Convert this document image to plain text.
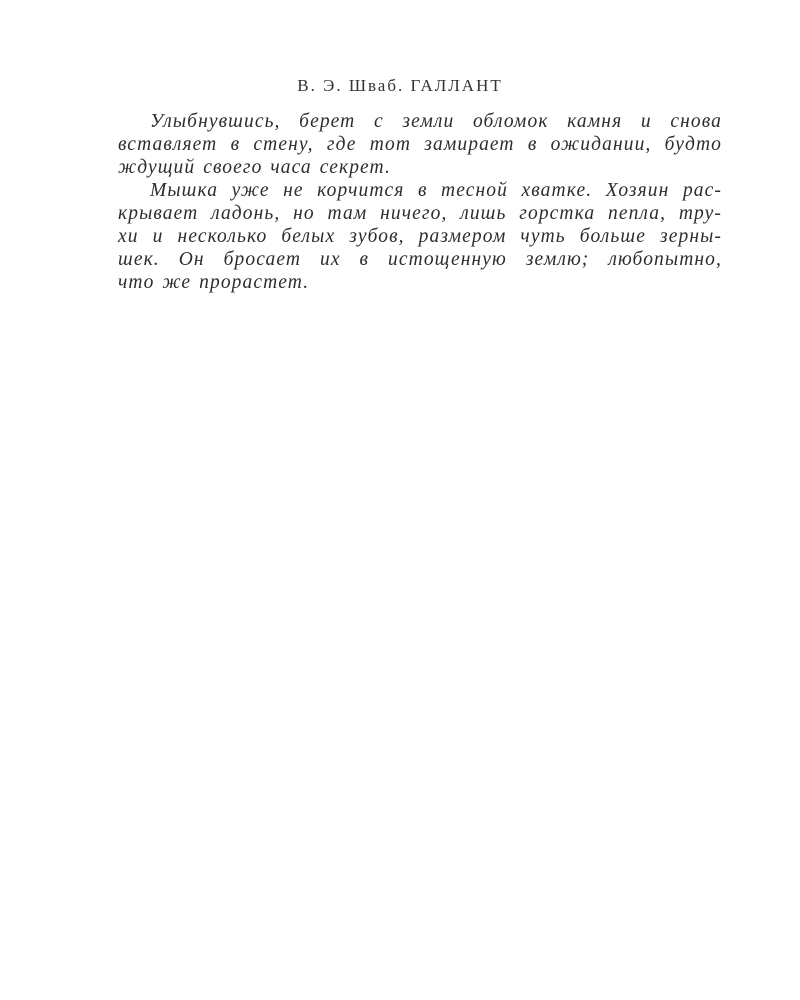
В. Э. Шваб. ГАЛЛАНТ
Улыбнувшись, берет с земли обломок камня и снова
вставляет в стену, где тот замирает в ожидании, будто
ждущий своего часа секрет.
Мышка уже не корчится в тесной хватке. Хозяин рас-
крывает ладонь, но там ничего, лишь горстка пепла, тру-
хи и несколько белых зубов, размером чуть больше зерны-
шек. Он бросает их в истощенную землю; любопытно,
что же прорастет.
